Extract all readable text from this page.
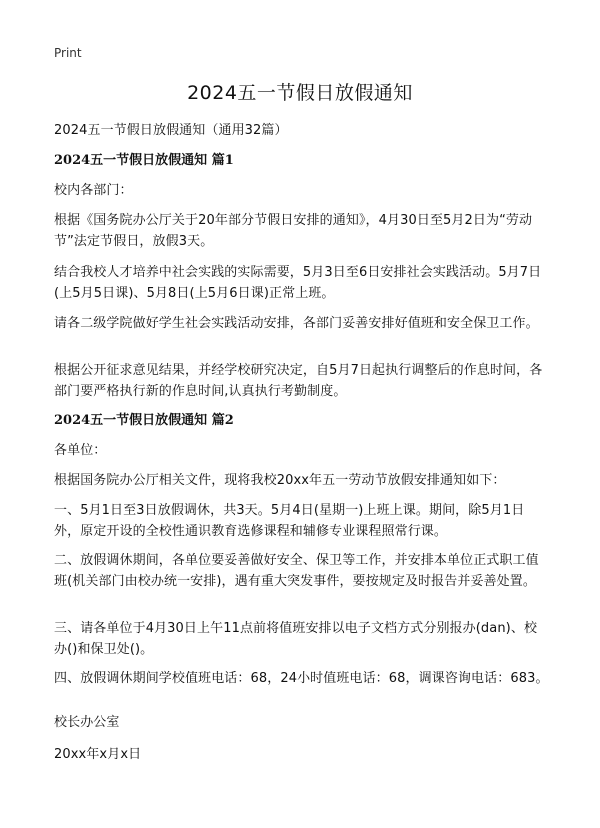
Print
2024五一节假日放假通知
2024五一节假日放假通知（通用32篇）
2024五一节假日放假通知 篇1
校内各部门：
根据《国务院办公厅关于20年部分节假日安排的通知》，4月30日至5月2日为“劳动节”法定节假日，放假3天。
结合我校人才培养中社会实践的实际需要，5月3日至6日安排社会实践活动。5月7日(上5月5日课)、5月8日(上5月6日课)正常上班。
请各二级学院做好学生社会实践活动安排，各部门妥善安排好值班和安全保卫工作。
根据公开征求意见结果，并经学校研究决定，自5月7日起执行调整后的作息时间，各部门要严格执行新的作息时间,认真执行考勤制度。
2024五一节假日放假通知 篇2
各单位：
根据国务院办公厅相关文件，现将我校20xx年五一劳动节放假安排通知如下：
一、5月1日至3日放假调休，共3天。5月4日(星期一)上班上课。期间，除5月1日外，原定开设的全校性通识教育选修课程和辅修专业课程照常行课。
二、放假调休期间，各单位要妥善做好安全、保卫等工作，并安排本单位正式职工值班(机关部门由校办统一安排)，遇有重大突发事件，要按规定及时报告并妥善处置。
三、请各单位于4月30日上午11点前将值班安排以电子文档方式分别报办(dan)、校办()和保卫处()。
四、放假调休期间学校值班电话：68，24小时值班电话：68，调课咨询电话：683。
校长办公室
20xx年x月x日
